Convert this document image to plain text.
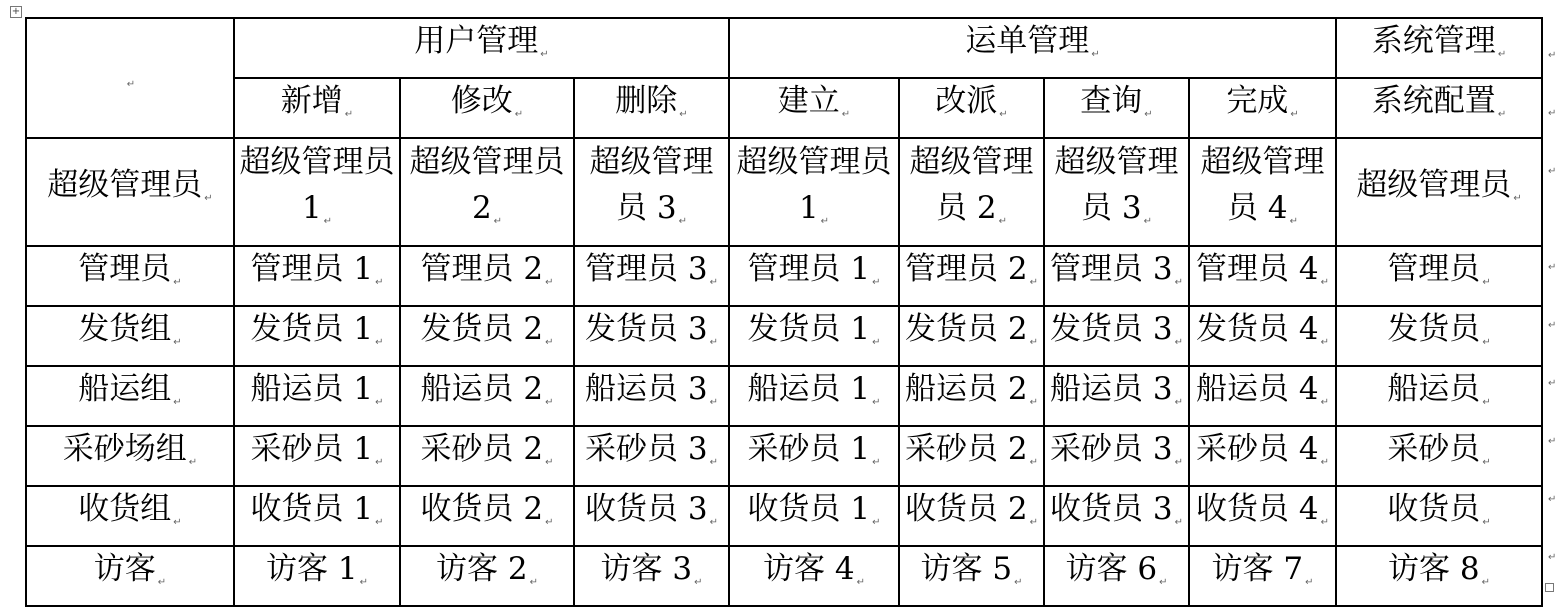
+
↵	用户管理 ↵			运单管理 ↵				系统管理 ↵
	新增 ↵	修改 ↵	删除 ↵	建立 ↵	改派 ↵	查询 ↵	完成 ↵	系统配置 ↵
超级管理员 ↵	超级管理员 1 ↵	超级管理员 2 ↵	超级管理员 3 ↵	超级管理员 1 ↵	超级管理员 2 ↵	超级管理员 3 ↵	超级管理员 4 ↵	超级管理员 ↵
管理员 ↵	管理员 1 ↵	管理员 2 ↵	管理员 3 ↵	管理员 1 ↵	管理员 2 ↵	管理员 3 ↵	管理员 4 ↵	管理员 ↵
发货组 ↵	发货员 1 ↵	发货员 2 ↵	发货员 3 ↵	发货员 1 ↵	发货员 2 ↵	发货员 3 ↵	发货员 4 ↵	发货员 ↵
船运组 ↵	船运员 1 ↵	船运员 2 ↵	船运员 3 ↵	船运员 1 ↵	船运员 2 ↵	船运员 3 ↵	船运员 4 ↵	船运员 ↵
采砂场组 ↵	采砂员 1 ↵	采砂员 2 ↵	采砂员 3 ↵	采砂员 1 ↵	采砂员 2 ↵	采砂员 3 ↵	采砂员 4 ↵	采砂员 ↵
收货组 ↵	收货员 1 ↵	收货员 2 ↵	收货员 3 ↵	收货员 1 ↵	收货员 2 ↵	收货员 3 ↵	收货员 4 ↵	收货员 ↵
访客 ↵	访客 1 ↵	访客 2 ↵	访客 3 ↵	访客 4 ↵	访客 5 ↵	访客 6 ↵	访客 7 ↵	访客 8 ↵
↵
↵
↵
↵
↵
↵
↵
↵
↵
